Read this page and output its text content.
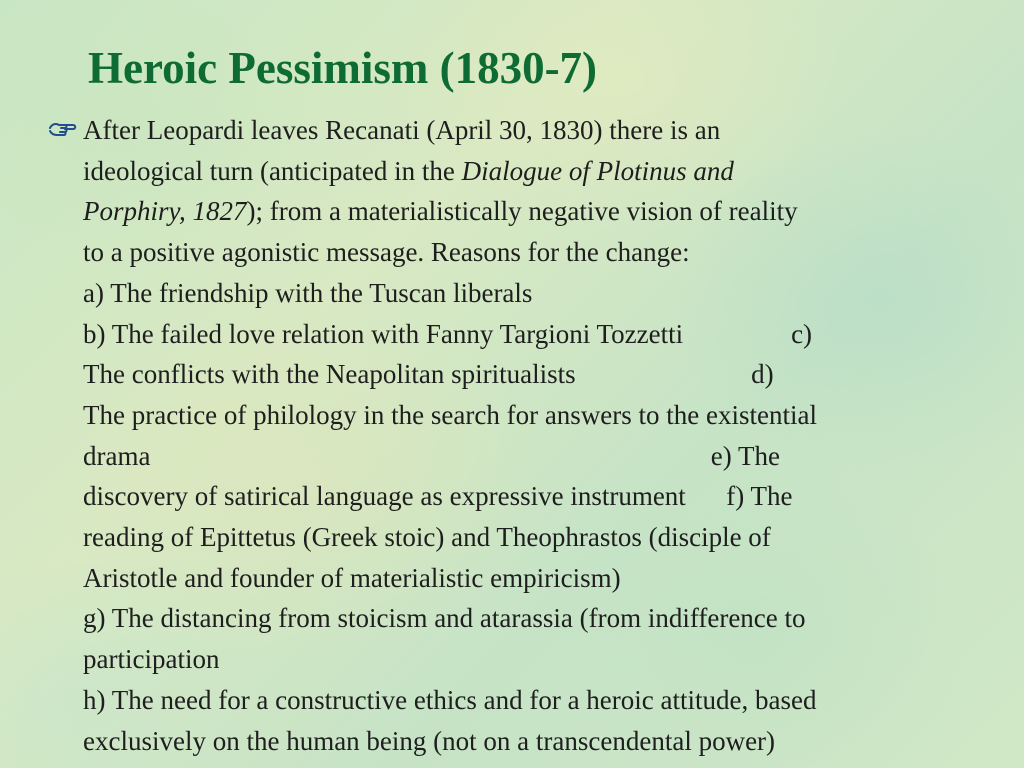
Heroic Pessimism (1830-7)
After Leopardi leaves Recanati (April 30, 1830) there is an
ideological turn (anticipated in the Dialogue of Plotinus and
Porphiry, 1827); from a materialistically negative vision of reality
to a positive agonistic message. Reasons for the change:
a) The friendship with the Tuscan liberals
b) The failed love relation with Fanny Targioni Tozzetti                c)
The conflicts with the Neapolitan spiritualists                          d)
The practice of philology in the search for answers to the existential
drama                                                                                   e) The
discovery of satirical language as expressive instrument      f) The
reading of Epittetus (Greek stoic) and Theophrastos (disciple of
Aristotle and founder of materialistic empiricism)
g) The distancing from stoicism and atarassia (from indifference to
participation
h) The need for a constructive ethics and for a heroic attitude, based
exclusively on the human being (not on a transcendental power)
